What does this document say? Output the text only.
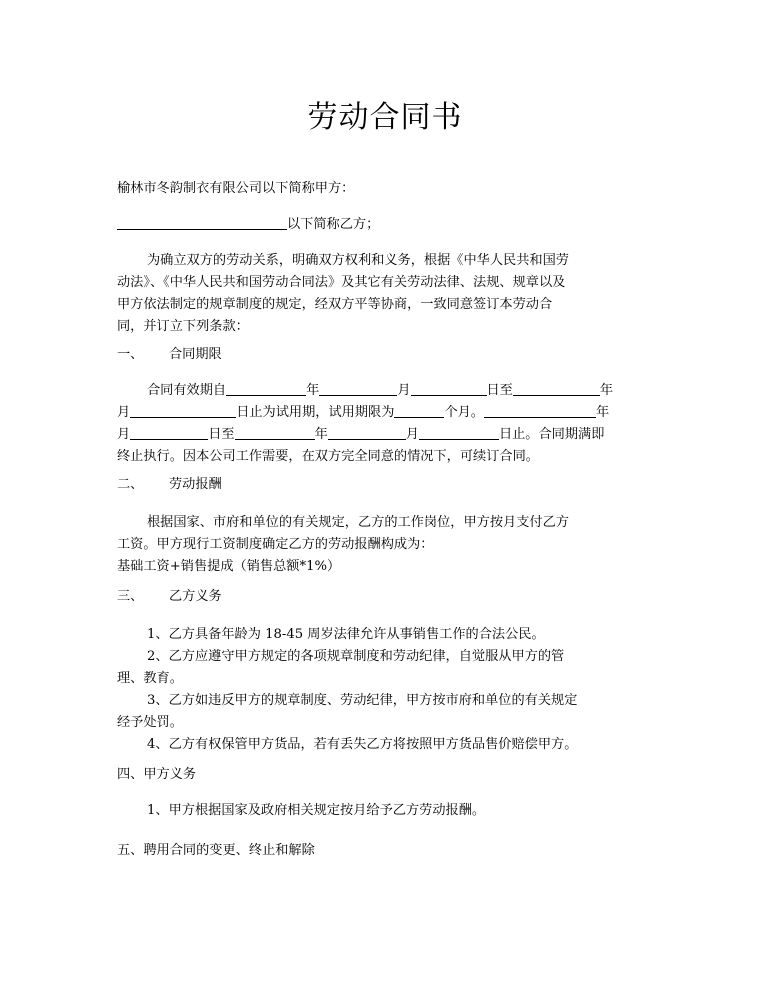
劳动合同书
榆林市冬韵制衣有限公司以下简称甲方：
以下简称乙方；
为确立双方的劳动关系，明确双方权利和义务，根据《中华人民共和国劳
动法》、《中华人民共和国劳动合同法》及其它有关劳动法律、法规、规章以及
甲方依法制定的规章制度的规定，经双方平等协商，一致同意签订本劳动合
同，并订立下列条款：
一、 合同期限
合同有效期自	年	月	日至	年
月	日止为试用期，试用期限为	个月。	年
月	日至	年	月	日止。合同期满即
终止执行。因本公司工作需要，在双方完全同意的情况下，可续订合同。
二、 劳动报酬
根据国家、市府和单位的有关规定，乙方的工作岗位，甲方按月支付乙方
工资。甲方现行工资制度确定乙方的劳动报酬构成为：
基础工资+销售提成（销售总额*1%）
三、 乙方义务
1、乙方具备年龄为 18-45 周岁法律允许从事销售工作的合法公民。
2、乙方应遵守甲方规定的各项规章制度和劳动纪律，自觉服从甲方的管
理、教育。
3、乙方如违反甲方的规章制度、劳动纪律，甲方按市府和单位的有关规定
经予处罚。
4、乙方有权保管甲方货品，若有丢失乙方将按照甲方货品售价赔偿甲方。
四、甲方义务
1、甲方根据国家及政府相关规定按月给予乙方劳动报酬。
五、聘用合同的变更、终止和解除
